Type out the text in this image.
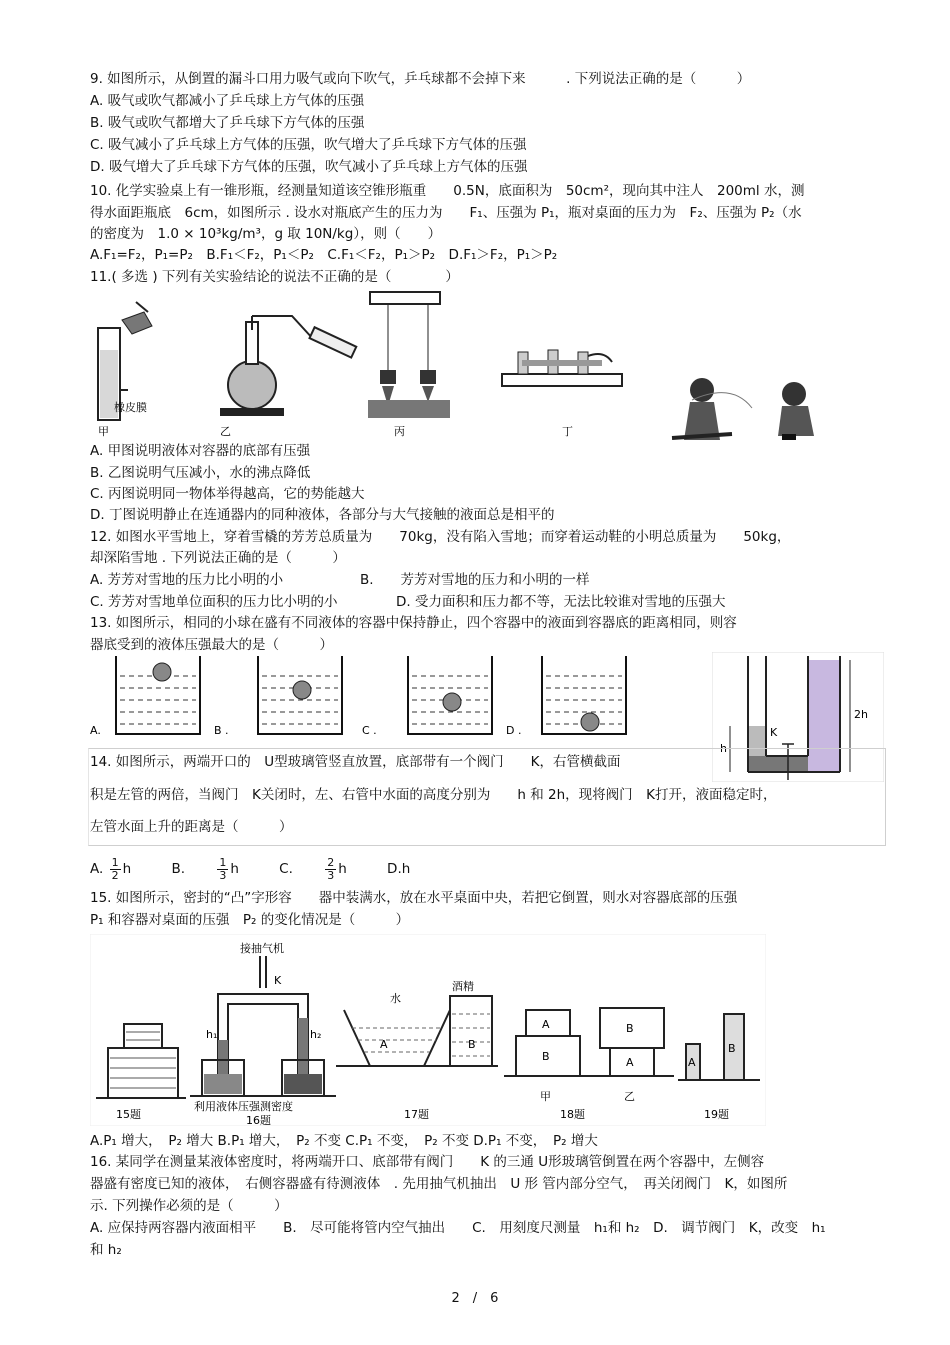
9. 如图所示，从倒置的漏斗口用力吸气或向下吹气，乒乓球都不会掉下来　　　. 下列说法正确的是（　　　）
A. 吸气或吹气都减小了乒乓球上方气体的压强
B. 吸气或吹气都增大了乒乓球下方气体的压强
C. 吸气减小了乒乓球上方气体的压强，吹气增大了乒乓球下方气体的压强
D. 吸气增大了乒乓球下方气体的压强，吹气减小了乒乓球上方气体的压强
10. 化学实验桌上有一锥形瓶，经测量知道该空锥形瓶重　　0.5N，底面积为　50cm²，现向其中注人　200ml 水，测
得水面距瓶底　6cm，如图所示 . 设水对瓶底产生的压力为　　F₁、压强为 P₁，瓶对桌面的压力为　F₂、压强为 P₂（水
的密度为　1.0 × 10³kg/m³，g 取 10N/kg），则（　　）
A.F₁=F₂，P₁=P₂　B.F₁＜F₂，P₁＜P₂　C.F₁＜F₂，P₁＞P₂　D.F₁＞F₂，P₁＞P₂
11.( 多选 ) 下列有关实验结论的说法不正确的是（　　　　）
橡皮膜
甲	乙	丙	丁
A. 甲图说明液体对容器的底部有压强
B. 乙图说明气压减小，水的沸点降低
C. 丙图说明同一物体举得越高，它的势能越大
D. 丁图说明静止在连通器内的同种液体，各部分与大气接触的液面总是相平的
12. 如图水平雪地上，穿着雪橇的芳芳总质量为　　70kg，没有陷入雪地；而穿着运动鞋的小明总质量为　　50kg，
却深陷雪地 . 下列说法正确的是（　　　）
A. 芳芳对雪地的压力比小明的小	B.　　芳芳对雪地的压力和小明的一样
C. 芳芳对雪地单位面积的压力比小明的小	D. 受力面积和压力都不等，无法比较谁对雪地的压强大
13. 如图所示，相同的小球在盛有不同液体的容器中保持静止，四个容器中的液面到容器底的距离相同，则容
器底受到的液体压强最大的是（　　　）
A.	B .	C .	D .	K
h
2h
14. 如图所示，两端开口的　U型玻璃管竖直放置，底部带有一个阀门　　K，右管横截面
积是左管的两倍，当阀门　K关闭时，左、右管中水面的高度分别为　　h 和 2h，现将阀门　K打开，液面稳定时，
左管水面上升的距离是（　　　）
A. $\frac{1}{2}$ h	B.	$\frac{1}{3}$ h	C.	$\frac{2}{3}$ h	D.h
15. 如图所示，密封的“凸”字形容　　器中装满水，放在水平桌面中央，若把它倒置，则水对容器底部的压强
P₁ 和容器对桌面的压强　P₂ 的变化情况是（　　　）
15题
接抽气机
K
h₁	h₂
利用液体压强测密度
16题
水
A
酒精
B
17题
A
B
B
A
甲	乙
18题
A
B
19题
A.P₁ 增大，　P₂ 增大 B.P₁ 增大，　P₂ 不变 C.P₁ 不变，　P₂ 不变 D.P₁ 不变，　P₂ 增大
16. 某同学在测量某液体密度时，将两端开口、底部带有阀门　　K 的三通 U形玻璃管倒置在两个容器中，左侧容
器盛有密度已知的液体，　右侧容器盛有待测液体　. 先用抽气机抽出　U 形 管内部分空气，　再关闭阀门　K，如图所
示. 下列操作必须的是（　　　）
A. 应保持两容器内液面相平　　B.　尽可能将管内空气抽出　　C.　用刻度尺测量　h₁和 h₂　D.　调节阀门　K，改变　h₁
和 h₂
2　/　6
